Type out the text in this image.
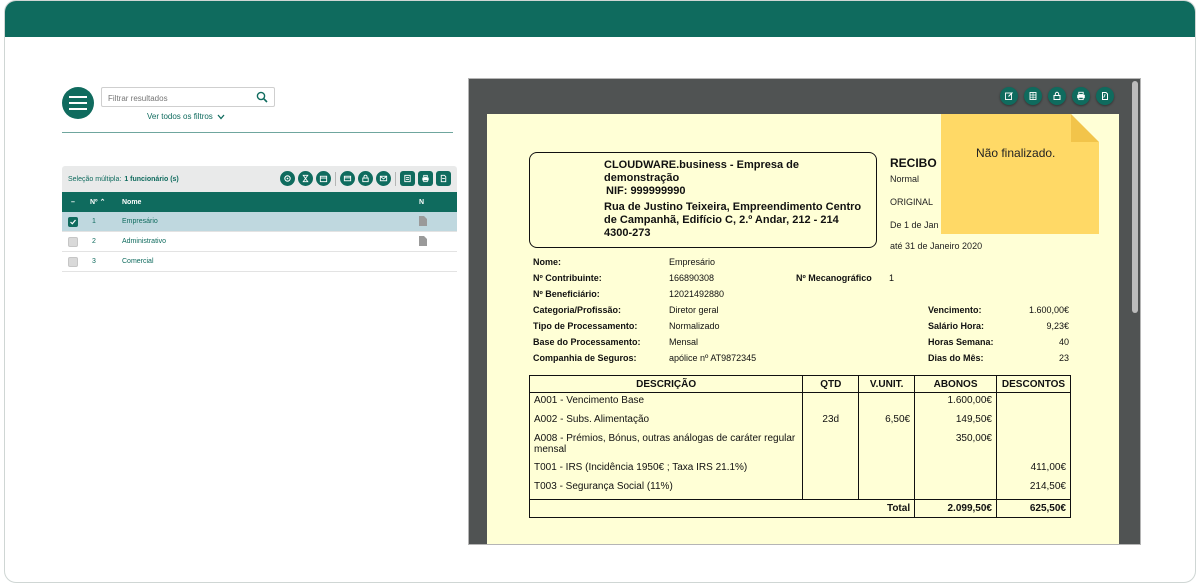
Filtrar resultados
Ver todos os filtros
Seleção múltipla: 1 funcionário (s)
– Nº ⌃ Nome	N
1	Empresário
2	Administrativo
3	Comercial
CLOUDWARE.business - Empresa de demonstração
NIF: 999999990
Rua de Justino Teixeira, Empreendimento Centro de Campanhã, Edifício C, 2.º Andar, 212 - 214 4300-273
RECIBO
Normal
ORIGINAL
De 1 de Jan
até 31 de Janeiro 2020
Não finalizado.
Nome:	Empresário
Nº Contribuinte:	166890308	Nº Mecanográfico 1
Nº Beneficiário:	12021492880
Categoria/Profissão:	Diretor geral
Tipo de Processamento:	Normalizado
Base do Processamento:	Mensal
Companhia de Seguros:	apólice nº AT9872345
Vencimento:	1.600,00€
Salário Hora:	9,23€
Horas Semana:	40
Dias do Mês:	23
DESCRIÇÃO	QTD	V.UNIT.	ABONOS	DESCONTOS
A001 - Vencimento Base			1.600,00€	
A002 - Subs. Alimentação	23d	6,50€	149,50€	
A008 - Prémios, Bónus, outras análogas de caráter regular mensal			350,00€	
T001 - IRS (Incidência 1950€ ; Taxa IRS 21.1%)				411,00€
T003 - Segurança Social (11%)				214,50€
Total			2.099,50€	625,50€
